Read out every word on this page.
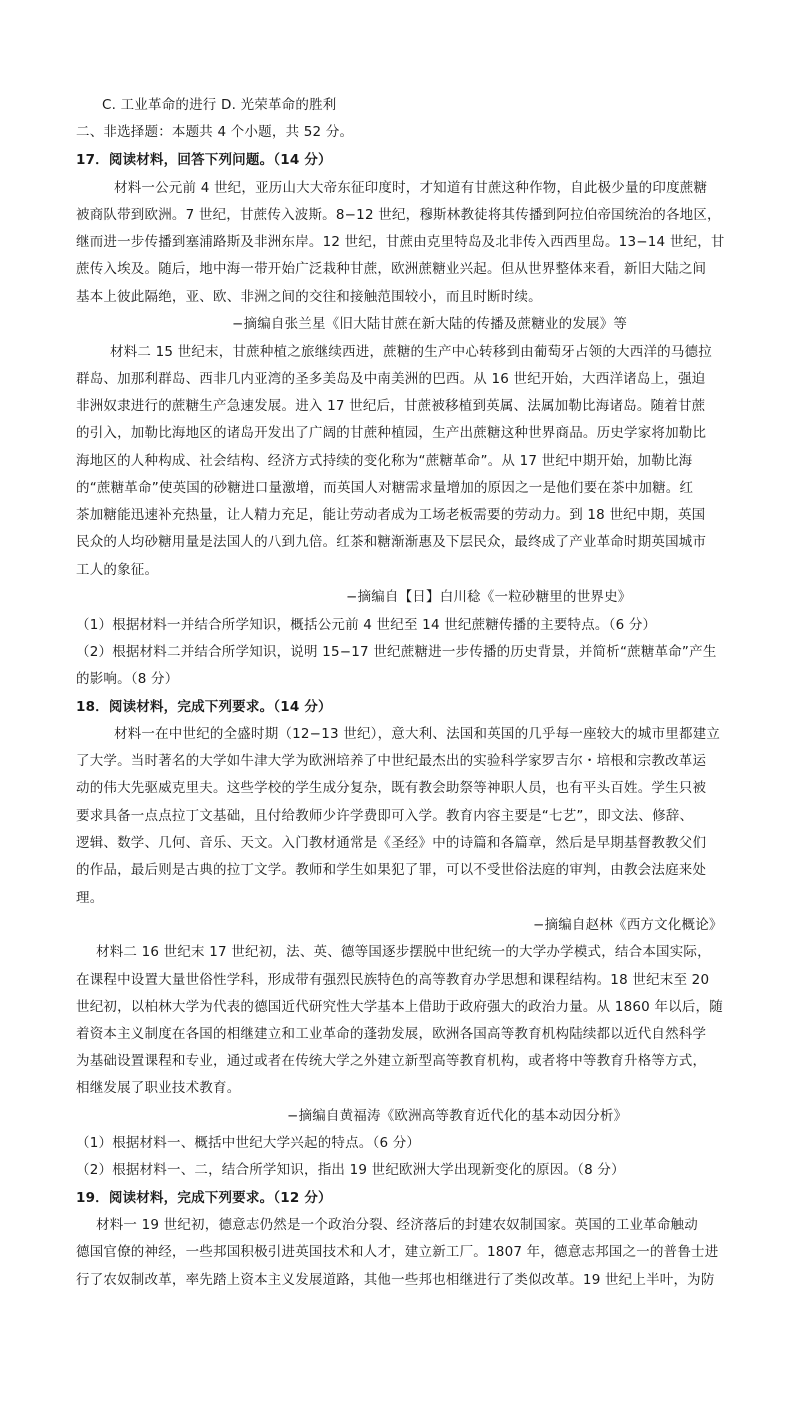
C. 工业革命的进行 D. 光荣革命的胜利
二、非选择题：本题共 4 个小题，共 52 分。
17．阅读材料，回答下列问题。（14 分）
材料一公元前 4 世纪，亚历山大大帝东征印度时，才知道有甘蔗这种作物，自此极少量的印度蔗糖
被商队带到欧洲。7 世纪，甘蔗传入波斯。8−12 世纪，穆斯林教徒将其传播到阿拉伯帝国统治的各地区，
继而进一步传播到塞浦路斯及非洲东岸。12 世纪，甘蔗由克里特岛及北非传入西西里岛。13−14 世纪，甘
蔗传入埃及。随后，地中海一带开始广泛栽种甘蔗，欧洲蔗糖业兴起。但从世界整体来看，新旧大陆之间
基本上彼此隔绝，亚、欧、非洲之间的交往和接触范围较小，而且时断时续。
−摘编自张兰星《旧大陆甘蔗在新大陆的传播及蔗糖业的发展》等
材料二 15 世纪末，甘蔗种植之旅继续西进，蔗糖的生产中心转移到由葡萄牙占领的大西洋的马德拉
群岛、加那利群岛、西非几内亚湾的圣多美岛及中南美洲的巴西。从 16 世纪开始，大西洋诸岛上，强迫
非洲奴隶进行的蔗糖生产急速发展。进入 17 世纪后，甘蔗被移植到英属、法属加勒比海诸岛。随着甘蔗
的引入，加勒比海地区的诸岛开发出了广阔的甘蔗种植园，生产出蔗糖这种世界商品。历史学家将加勒比
海地区的人种构成、社会结构、经济方式持续的变化称为“蔗糖革命”。从 17 世纪中期开始，加勒比海
的“蔗糖革命”使英国的砂糖进口量激增，而英国人对糖需求量增加的原因之一是他们要在茶中加糖。红
茶加糖能迅速补充热量，让人精力充足，能让劳动者成为工场老板需要的劳动力。到 18 世纪中期，英国
民众的人均砂糖用量是法国人的八到九倍。红茶和糖渐渐惠及下层民众，最终成了产业革命时期英国城市
工人的象征。
−摘编自【日】白川稔《一粒砂糖里的世界史》
（1）根据材料一并结合所学知识，概括公元前 4 世纪至 14 世纪蔗糖传播的主要特点。（6 分）
（2）根据材料二并结合所学知识，说明 15−17 世纪蔗糖进一步传播的历史背景，并简析“蔗糖革命”产生
的影响。（8 分）
18．阅读材料，完成下列要求。（14 分）
材料一在中世纪的全盛时期（12−13 世纪），意大利、法国和英国的几乎每一座较大的城市里都建立
了大学。当时著名的大学如牛津大学为欧洲培养了中世纪最杰出的实验科学家罗吉尔・培根和宗教改革运
动的伟大先驱威克里夫。这些学校的学生成分复杂，既有教会助祭等神职人员，也有平头百姓。学生只被
要求具备一点点拉丁文基础，且付给教师少许学费即可入学。教育内容主要是“七艺”，即文法、修辞、
逻辑、数学、几何、音乐、天文。入门教材通常是《圣经》中的诗篇和各篇章，然后是早期基督教教父们
的作品，最后则是古典的拉丁文学。教师和学生如果犯了罪，可以不受世俗法庭的审判，由教会法庭来处
理。
−摘编自赵林《西方文化概论》
材料二 16 世纪末 17 世纪初，法、英、德等国逐步摆脱中世纪统一的大学办学模式，结合本国实际，
在课程中设置大量世俗性学科，形成带有强烈民族特色的高等教育办学思想和课程结构。18 世纪末至 20
世纪初，以柏林大学为代表的德国近代研究性大学基本上借助于政府强大的政治力量。从 1860 年以后，随
着资本主义制度在各国的相继建立和工业革命的蓬勃发展，欧洲各国高等教育机构陆续都以近代自然科学
为基础设置课程和专业，通过或者在传统大学之外建立新型高等教育机构，或者将中等教育升格等方式，
相继发展了职业技术教育。
−摘编自黄福涛《欧洲高等教育近代化的基本动因分析》
（1）根据材料一、概括中世纪大学兴起的特点。（6 分）
（2）根据材料一、二，结合所学知识，指出 19 世纪欧洲大学出现新变化的原因。（8 分）
19．阅读材料，完成下列要求。（12 分）
材料一 19 世纪初，德意志仍然是一个政治分裂、经济落后的封建农奴制国家。英国的工业革命触动
德国官僚的神经，一些邦国积极引进英国技术和人才，建立新工厂。1807 年，德意志邦国之一的普鲁士进
行了农奴制改革，率先踏上资本主义发展道路，其他一些邦也相继进行了类似改革。19 世纪上半叶，为防
